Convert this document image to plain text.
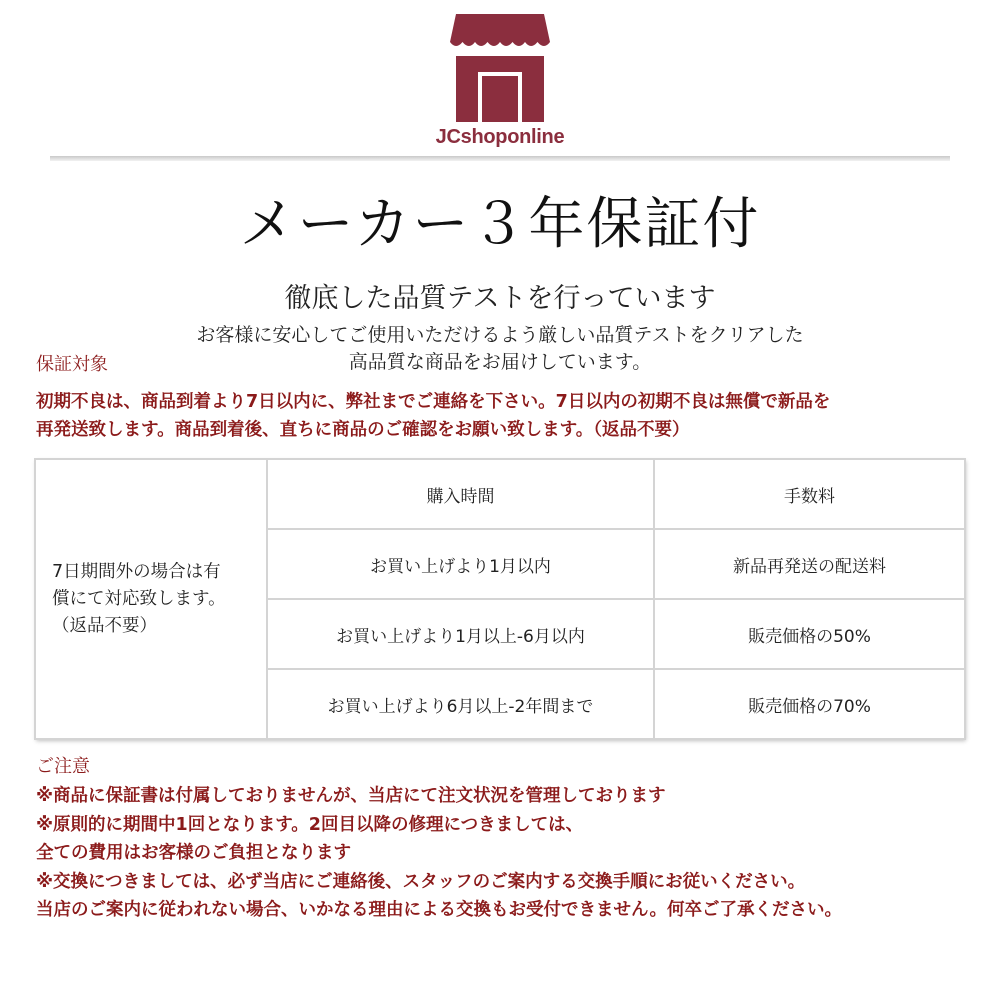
JCshoponline
メーカー３年保証付
徹底した品質テストを行っています
お客様に安心してご使用いただけるよう厳しい品質テストをクリアした
高品質な商品をお届けしています。
保証対象
初期不良は、商品到着より7日以内に、弊社までご連絡を下さい。7日以内の初期不良は無償で新品を
再発送致します。商品到着後、直ちに商品のご確認をお願い致します。（返品不要）
7日期間外の場合は有
償にて対応致します。
（返品不要）	購入時間	手数料
	お買い上げより1月以内	新品再発送の配送料
	お買い上げより1月以上-6月以内	販売価格の50%
	お買い上げより6月以上-2年間まで	販売価格の70%
ご注意
※商品に保証書は付属しておりませんが、当店にて注文状況を管理しております
※原則的に期間中1回となります。2回目以降の修理につきましては、
全ての費用はお客様のご負担となります
※交換につきましては、必ず当店にご連絡後、スタッフのご案内する交換手順にお従いください。
当店のご案内に従われない場合、いかなる理由による交換もお受付できません。何卒ご了承ください。
